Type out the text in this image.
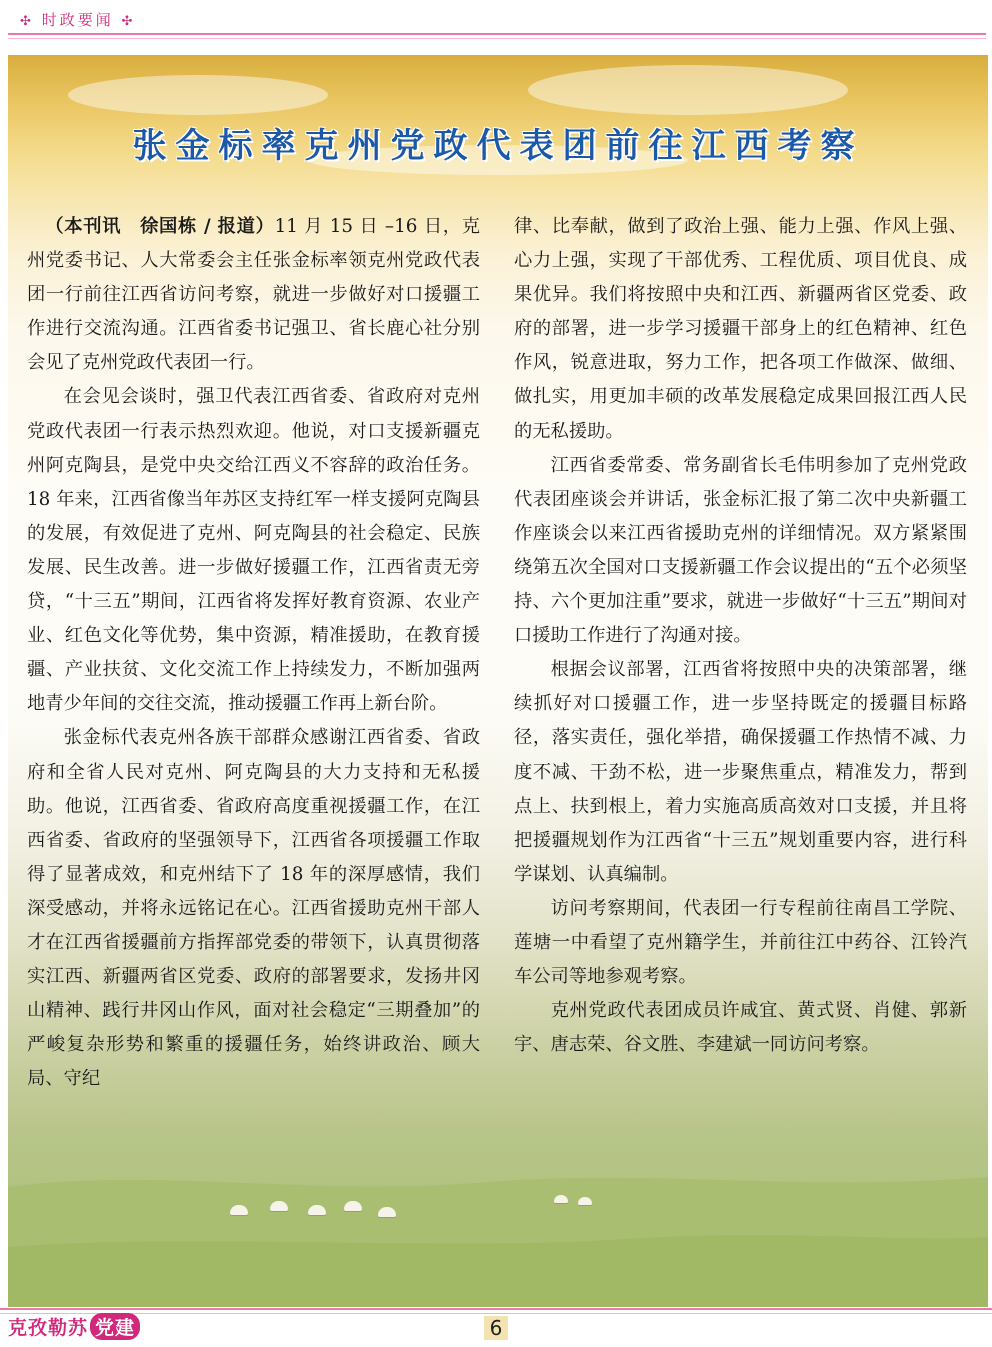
✣ 时政要闻 ✣
张金标率克州党政代表团前往江西考察

（本刊讯　徐国栋 / 报道）11 月 15 日 –16 日，克州党委书记、人大常委会主任张金标率领克州党政代表团一行前往江西省访问考察，就进一步做好对口援疆工作进行交流沟通。江西省委书记强卫、省长鹿心社分别会见了克州党政代表团一行。

在会见会谈时，强卫代表江西省委、省政府对克州党政代表团一行表示热烈欢迎。他说，对口支援新疆克州阿克陶县，是党中央交给江西义不容辞的政治任务。18 年来，江西省像当年苏区支持红军一样支援阿克陶县的发展，有效促进了克州、阿克陶县的社会稳定、民族发展、民生改善。进一步做好援疆工作，江西省责无旁贷，“十三五”期间，江西省将发挥好教育资源、农业产业、红色文化等优势，集中资源，精准援助，在教育援疆、产业扶贫、文化交流工作上持续发力，不断加强两地青少年间的交往交流，推动援疆工作再上新台阶。

张金标代表克州各族干部群众感谢江西省委、省政府和全省人民对克州、阿克陶县的大力支持和无私援助。他说，江西省委、省政府高度重视援疆工作，在江西省委、省政府的坚强领导下，江西省各项援疆工作取得了显著成效，和克州结下了 18 年的深厚感情，我们深受感动，并将永远铭记在心。江西省援助克州干部人才在江西省援疆前方指挥部党委的带领下，认真贯彻落实江西、新疆两省区党委、政府的部署要求，发扬井冈山精神、践行井冈山作风，面对社会稳定“三期叠加”的严峻复杂形势和繁重的援疆任务，始终讲政治、顾大局、守纪

律、比奉献，做到了政治上强、能力上强、作风上强、心力上强，实现了干部优秀、工程优质、项目优良、成果优异。我们将按照中央和江西、新疆两省区党委、政府的部署，进一步学习援疆干部身上的红色精神、红色作风，锐意进取，努力工作，把各项工作做深、做细、做扎实，用更加丰硕的改革发展稳定成果回报江西人民的无私援助。

江西省委常委、常务副省长毛伟明参加了克州党政代表团座谈会并讲话，张金标汇报了第二次中央新疆工作座谈会以来江西省援助克州的详细情况。双方紧紧围绕第五次全国对口支援新疆工作会议提出的“五个必须坚持、六个更加注重”要求，就进一步做好“十三五”期间对口援助工作进行了沟通对接。

根据会议部署，江西省将按照中央的决策部署，继续抓好对口援疆工作，进一步坚持既定的援疆目标路径，落实责任，强化举措，确保援疆工作热情不减、力度不减、干劲不松，进一步聚焦重点，精准发力，帮到点上、扶到根上，着力实施高质高效对口支援，并且将把援疆规划作为江西省“十三五”规划重要内容，进行科学谋划、认真编制。

访问考察期间，代表团一行专程前往南昌工学院、莲塘一中看望了克州籍学生，并前往江中药谷、江铃汽车公司等地参观考察。

克州党政代表团成员许咸宜、黄式贤、肖健、郭新宇、唐志荣、谷文胜、李建斌一同访问考察。

克孜勒苏 党建	6
